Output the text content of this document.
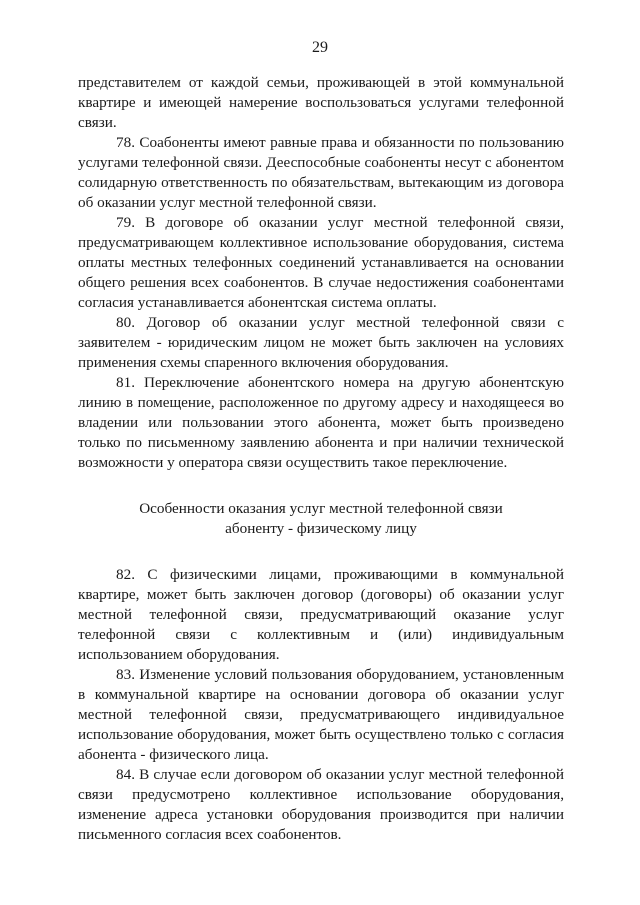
29

представителем от каждой семьи, проживающей в этой коммунальной квартире и имеющей намерение воспользоваться услугами телефонной связи.

78. Соабоненты имеют равные права и обязанности по пользованию услугами телефонной связи. Дееспособные соабоненты несут с абонентом солидарную ответственность по обязательствам, вытекающим из договора об оказании услуг местной телефонной связи.

79. В договоре об оказании услуг местной телефонной связи, предусматривающем коллективное использование оборудования, система оплаты местных телефонных соединений устанавливается на основании общего решения всех соабонентов. В случае недостижения соабонентами согласия устанавливается абонентская система оплаты.

80. Договор об оказании услуг местной телефонной связи с заявителем - юридическим лицом не может быть заключен на условиях применения схемы спаренного включения оборудования.

81. Переключение абонентского номера на другую абонентскую линию в помещение, расположенное по другому адресу и находящееся во владении или пользовании этого абонента, может быть произведено только по письменному заявлению абонента и при наличии технической возможности у оператора связи осуществить такое переключение.

Особенности оказания услуг местной телефонной связи

абоненту - физическому лицу

82. С физическими лицами, проживающими в коммунальной квартире, может быть заключен договор (договоры) об оказании услуг местной телефонной связи, предусматривающий оказание услуг телефонной связи с коллективным и (или) индивидуальным использованием оборудования.

83. Изменение условий пользования оборудованием, установленным в коммунальной квартире на основании договора об оказании услуг местной телефонной связи, предусматривающего индивидуальное использование оборудования, может быть осуществлено только с согласия абонента - физического лица.

84. В случае если договором об оказании услуг местной телефонной связи предусмотрено коллективное использование оборудования, изменение адреса установки оборудования производится при наличии письменного согласия всех соабонентов.
